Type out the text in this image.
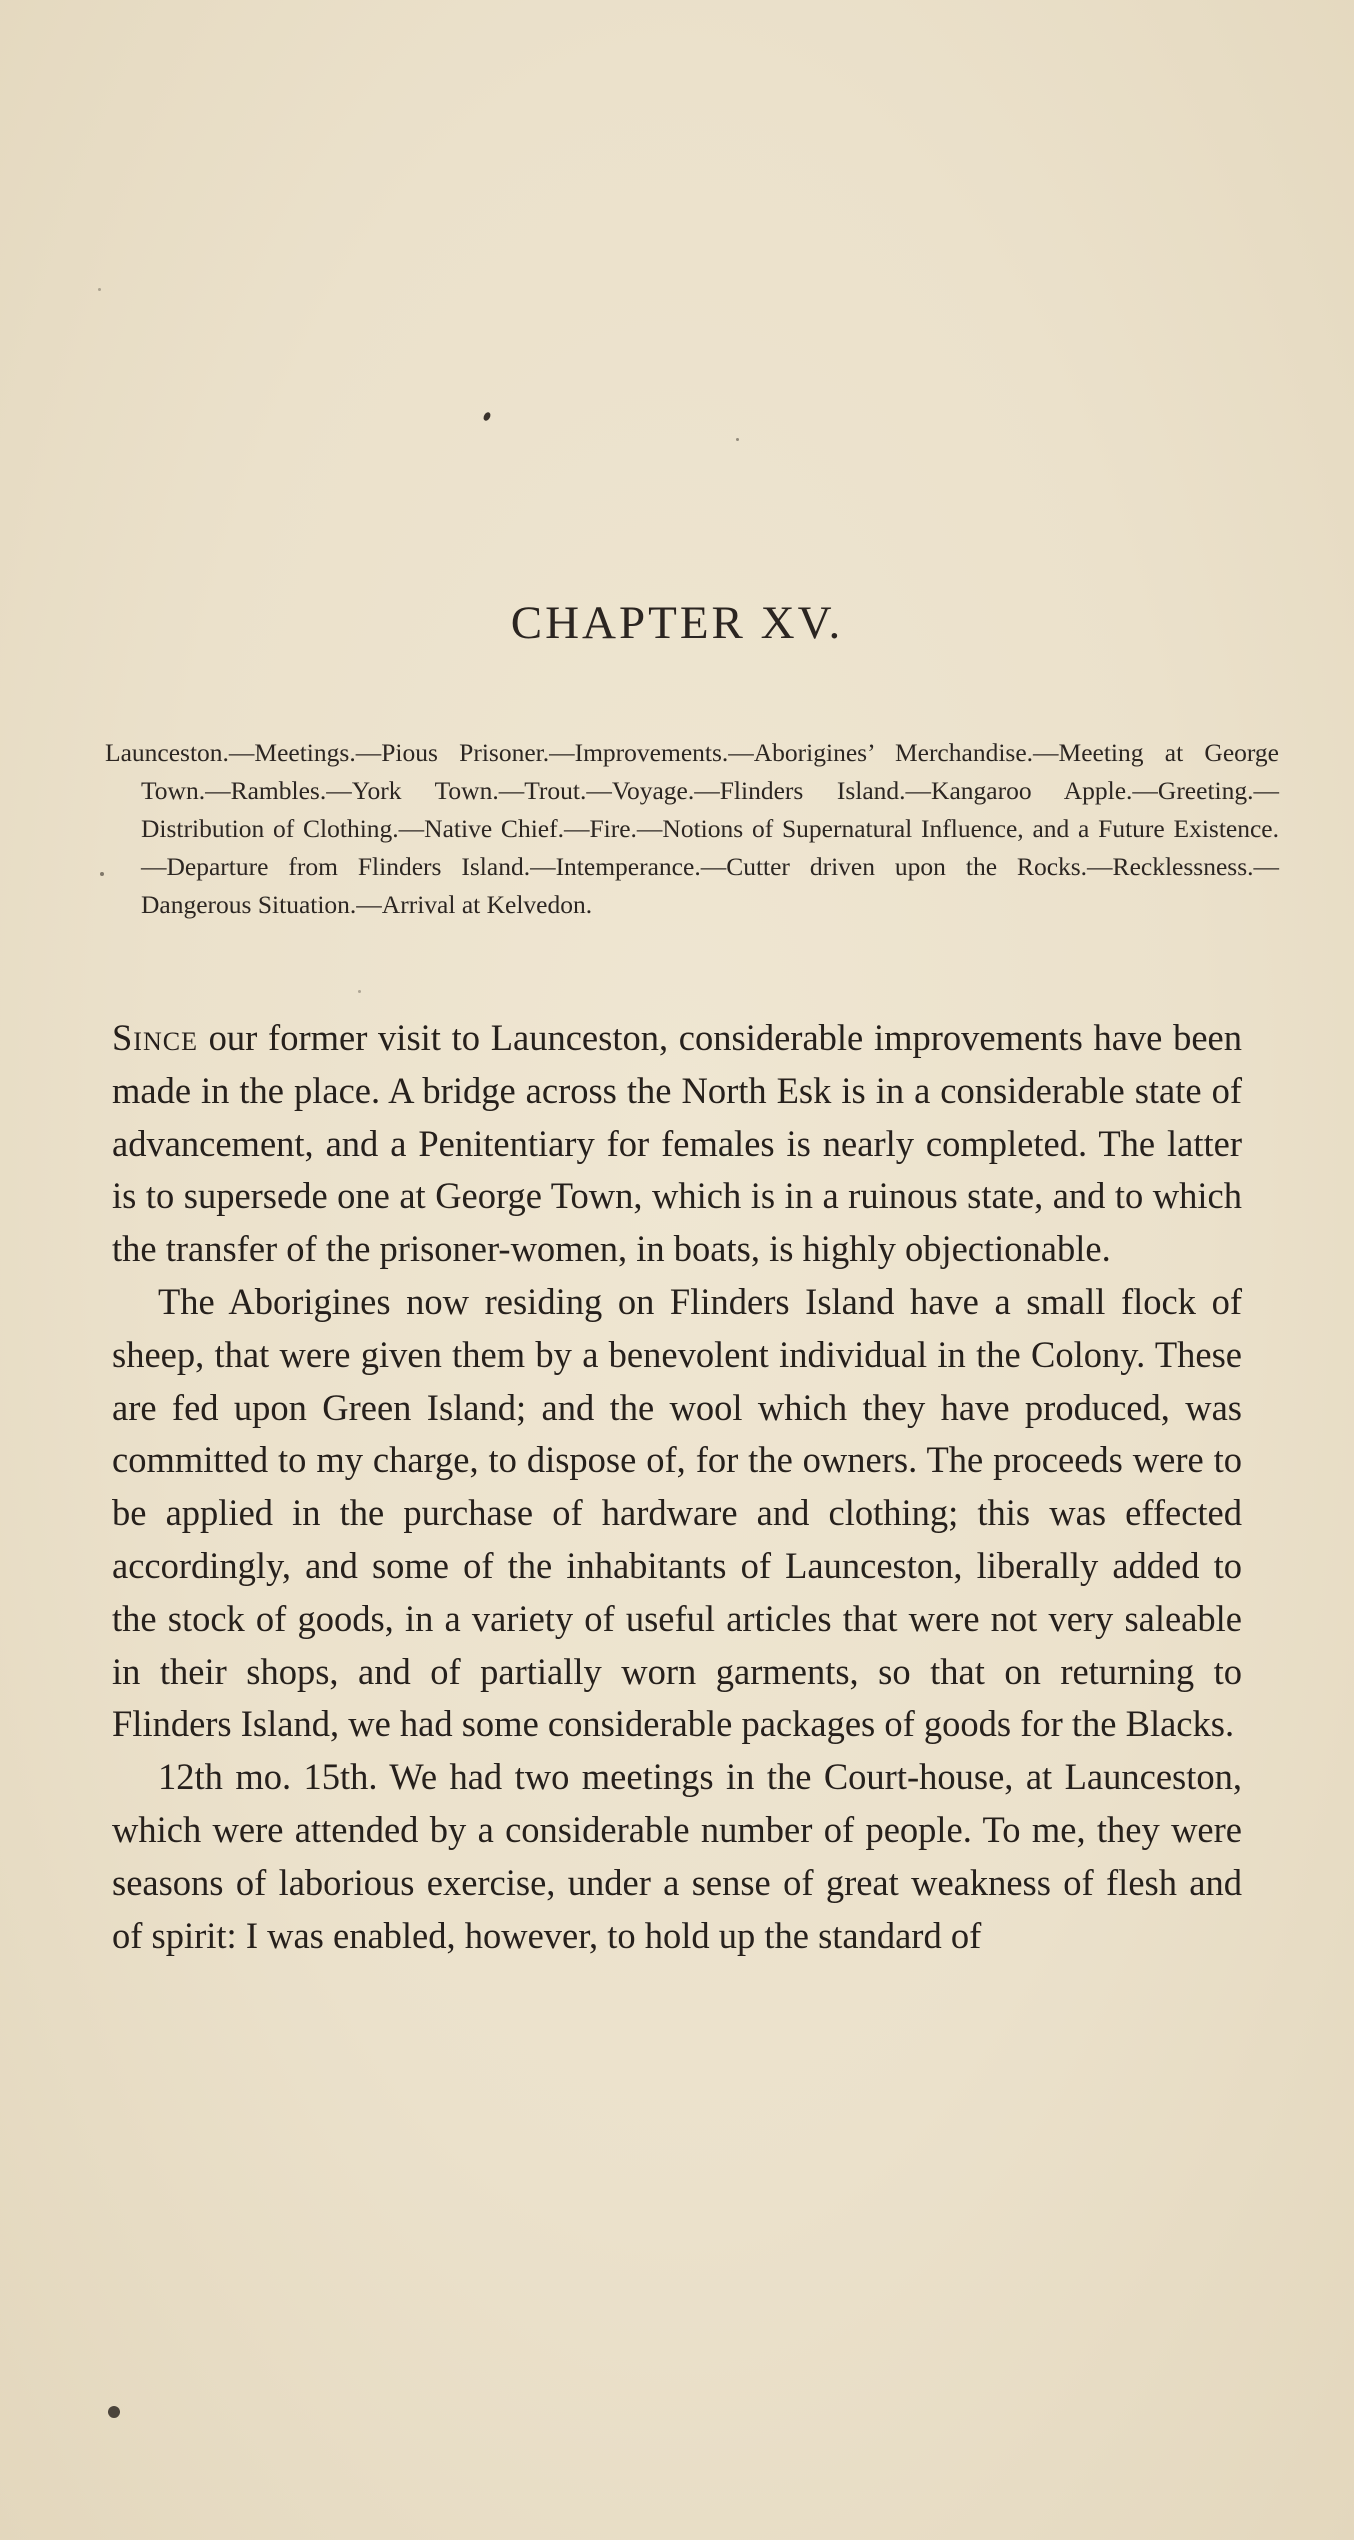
CHAPTER XV.
Launceston.—Meetings.—Pious Prisoner.—Improvements.—Aborigines’ Merchandise.—Meeting at George Town.—Rambles.—York Town.—Trout.—Voyage.—Flinders Island.—Kangaroo Apple.—Greeting.—Distribution of Clothing.—Native Chief.—Fire.—Notions of Supernatural Influence, and a Future Existence.—Departure from Flinders Island.—Intemperance.—Cutter driven upon the Rocks.—Recklessness.—Dangerous Situation.—Arrival at Kelvedon.

Since our former visit to Launceston, considerable improvements have been made in the place. A bridge across the North Esk is in a considerable state of advancement, and a Penitentiary for females is nearly completed. The latter is to supersede one at George Town, which is in a ruinous state, and to which the transfer of the prisoner-women, in boats, is highly objectionable.

The Aborigines now residing on Flinders Island have a small flock of sheep, that were given them by a benevolent individual in the Colony. These are fed upon Green Island; and the wool which they have produced, was committed to my charge, to dispose of, for the owners. The proceeds were to be applied in the purchase of hardware and clothing; this was effected accordingly, and some of the inhabitants of Launceston, liberally added to the stock of goods, in a variety of useful articles that were not very saleable in their shops, and of partially worn garments, so that on returning to Flinders Island, we had some considerable packages of goods for the Blacks.

12th mo. 15th. We had two meetings in the Court-house, at Launceston, which were attended by a considerable number of people. To me, they were seasons of laborious exercise, under a sense of great weakness of flesh and of spirit: I was enabled, however, to hold up the standard of
